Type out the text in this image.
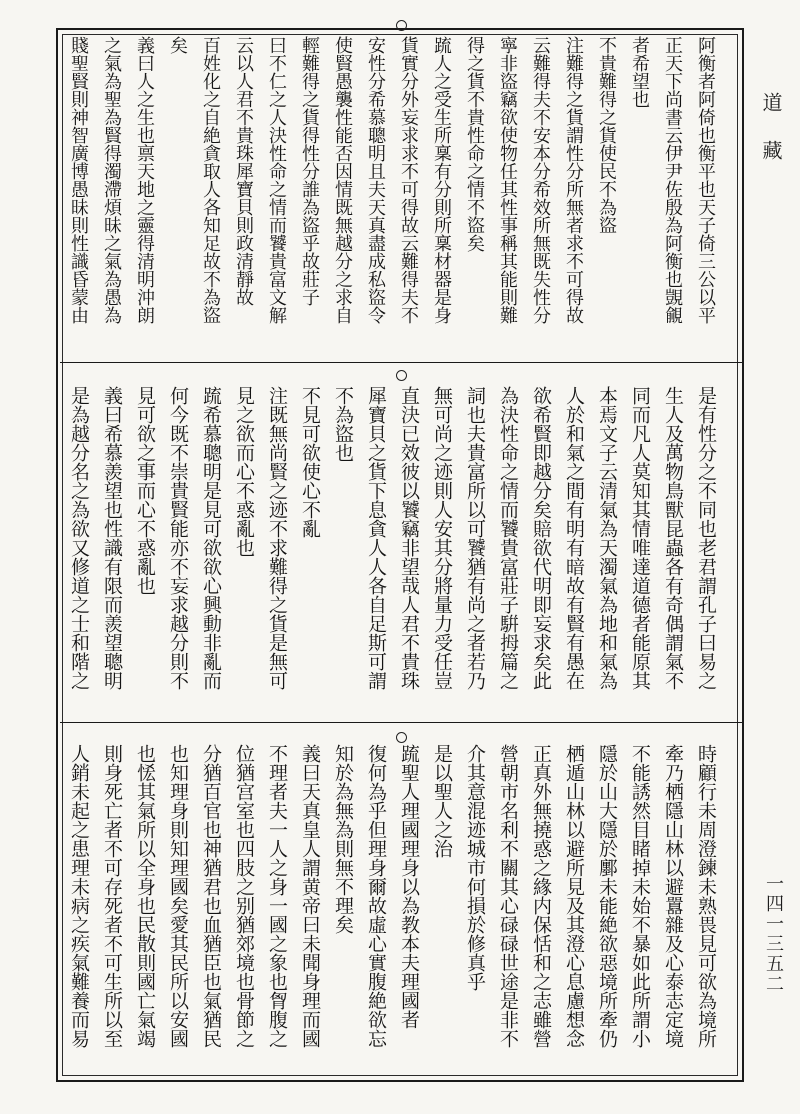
道藏
一四一三五二
阿衡者阿倚也衡平也天子倚三公以平
正天下尚書云伊尹佐殷為阿衡也覬覦
者希望也
不貴難得之貨使民不為盜
注難得之貨謂性分所無者求不可得故
云難得夫不安本分希效所無既失性分
寧非盜竊欲使物任其性事稱其能則難
得之貨不貴性命之情不盜矣
䟽人之受生所稟有分則所稟材器是身
貨實分外妄求求不可得故云難得夫不
安性分希慕聰明且夫天真盡成私盜令
使賢愚襲性能否因情既無越分之求自
輕難得之貨得性分誰為盜乎故莊子
曰不仁之人決性命之情而饕貴富文解
云以人君不貴珠犀寶貝則政清靜故
百姓化之自絶貪取人各知足故不為盜
矣
義曰人之生也禀天地之靈得清明沖朗
之氣為聖為賢得濁滯煩昧之氣為愚為
賤聖賢則神智廣博愚昧則性識昏蒙由
是有性分之不同也老君謂孔子曰易之
生人及萬物鳥獸昆蟲各有奇偶謂氣不
同而凡人莫知其情唯達道德者能原其
本焉文子云清氣為天濁氣為地和氣為
人於和氣之間有明有暗故有賢有愚在
欲希賢即越分矣賠欲代明即妄求矣此
為決性命之情而饕貴富莊子騈拇篇之
詞也夫貴富所以可饕猶有尚之者若乃
無可尚之迹則人安其分將量力受任豈
直決已效彼以饕竊非望哉人君不貴珠
犀寶貝之貨下息貪人人各自足斯可謂
不為盜也
不見可欲使心不亂
注既無尚賢之迹不求難得之貨是無可
見之欲而心不惑亂也
䟽希慕聰明是見可欲欲心興動非亂而
何今既不崇貴賢能亦不妄求越分則不
見可欲之事而心不惑亂也
義曰希慕羨望也性識有限而羨望聰明
是為越分名之為欲又修道之士和階之
時顧行未周澄鍊未熟畏見可欲為境所
牽乃栖隱山林以避囂雜及心泰志定境
不能誘然目睹掉未始不暴如此所謂小
隱於山大隱於鄽未能絶欲惡境所牽仍
栖遁山林以避所見及其澄心息慮想念
正真外無撓惑之緣内保恬和之志雖營
營朝市名利不關其心碌碌世途是非不
介其意混迹城市何損於修真乎
是以聖人之治
䟽聖人理國理身以為教本夫理國者
復何為乎但理身爾故虛心實腹絶欲忘
知於為無為則無不理矣
義曰天真皇人謂黄帝曰未聞身理而國
不理者夫一人之身一國之象也胷腹之
位猶宫室也四肢之别猶郊境也骨節之
分猶百官也神猶君也血猶臣也氣猶民
也知理身則知理國矣愛其民所以安國
也恡其氣所以全身也民散則國亡氣竭
則身死亡者不可存死者不可生所以至
人銷未起之患理未病之疾氣難養而易
